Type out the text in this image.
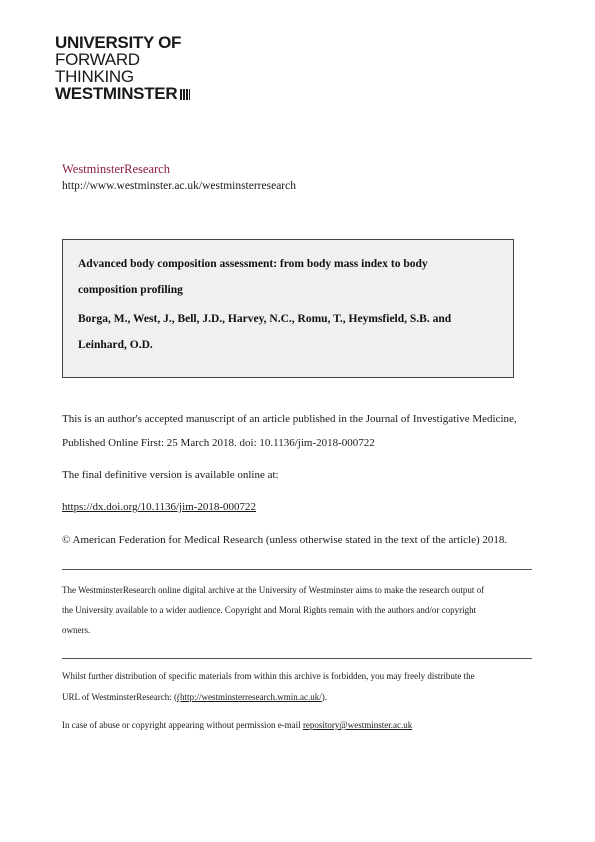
UNIVERSITY OF
FORWARD
THINKING
WESTMINSTER
WestminsterResearch
http://www.westminster.ac.uk/westminsterresearch
Advanced body composition assessment: from body mass index to body
composition profiling
Borga, M., West, J., Bell, J.D., Harvey, N.C., Romu, T., Heymsfield, S.B. and
Leinhard, O.D.
This is an author's accepted manuscript of an article published in the Journal of Investigative Medicine,
Published Online First: 25 March 2018. doi: 10.1136/jim-2018-000722
The final definitive version is available online at:
https://dx.doi.org/10.1136/jim-2018-000722
© American Federation for Medical Research (unless otherwise stated in the text of the article) 2018.
The WestminsterResearch online digital archive at the University of Westminster aims to make the research output of
the University available to a wider audience. Copyright and Moral Rights remain with the authors and/or copyright
owners.
Whilst further distribution of specific materials from within this archive is forbidden, you may freely distribute the
URL of WestminsterResearch: ((http://westminsterresearch.wmin.ac.uk/).
In case of abuse or copyright appearing without permission e-mail repository@westminster.ac.uk
